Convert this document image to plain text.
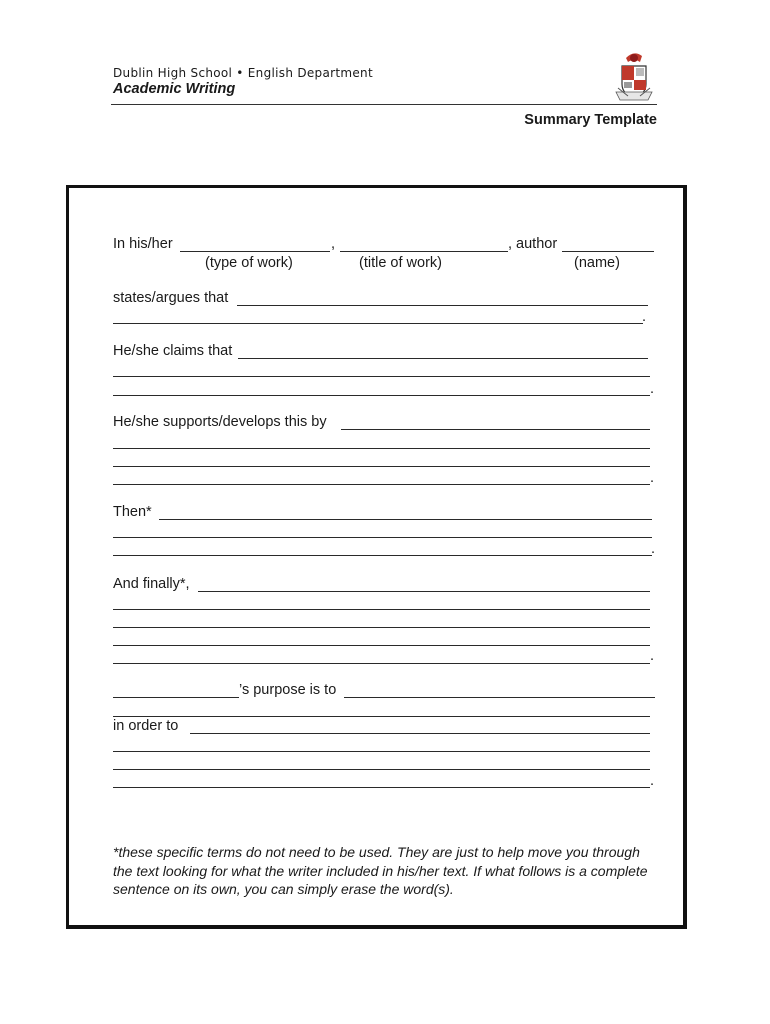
Dublin High School • English Department
Academic Writing
Summary Template
In his/her	,	, author
(type of work)	(title of work)	(name)
states/argues that
.
He/she claims that
.
He/she supports/develops this by
.
Then*
.
And finally*,
.
’s purpose is to
in order to
.
*these specific terms do not need to be used. They are just to help move you through the text looking for what the writer included in his/her text. If what follows is a complete sentence on its own, you can simply erase the word(s).
